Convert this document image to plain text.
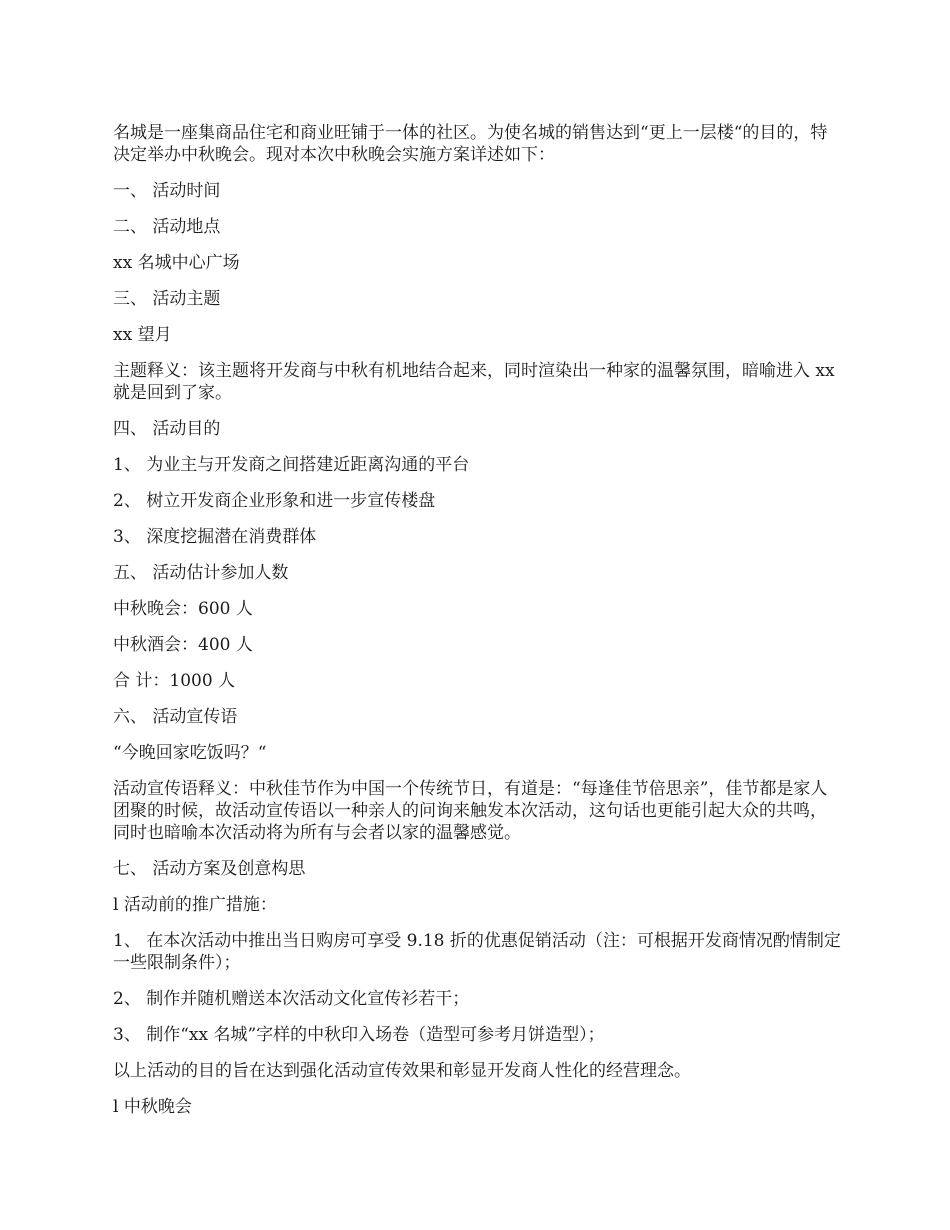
名城是一座集商品住宅和商业旺铺于一体的社区。为使名城的销售达到“更上一层楼“的目的，特决定举办中秋晚会。现对本次中秋晚会实施方案详述如下：

一、 活动时间

二、 活动地点

xx 名城中心广场

三、 活动主题

xx 望月

主题释义：该主题将开发商与中秋有机地结合起来，同时渲染出一种家的温馨氛围，暗喻进入 xx 就是回到了家。

四、 活动目的

1、 为业主与开发商之间搭建近距离沟通的平台

2、 树立开发商企业形象和进一步宣传楼盘

3、 深度挖掘潜在消费群体

五、 活动估计参加人数

中秋晚会：600 人

中秋酒会：400 人

合 计：1000 人

六、 活动宣传语

“今晚回家吃饭吗？“

活动宣传语释义：中秋佳节作为中国一个传统节日，有道是：“每逢佳节倍思亲”，佳节都是家人团聚的时候，故活动宣传语以一种亲人的问询来触发本次活动，这句话也更能引起大众的共鸣，同时也暗喻本次活动将为所有与会者以家的温馨感觉。

七、 活动方案及创意构思

l 活动前的推广措施：

1、 在本次活动中推出当日购房可享受 9.18 折的优惠促销活动（注：可根据开发商情况酌情制定一些限制条件）；

2、 制作并随机赠送本次活动文化宣传衫若干；

3、 制作“xx 名城”字样的中秋印入场卷（造型可参考月饼造型）；

以上活动的目的旨在达到强化活动宣传效果和彰显开发商人性化的经营理念。

l 中秋晚会
